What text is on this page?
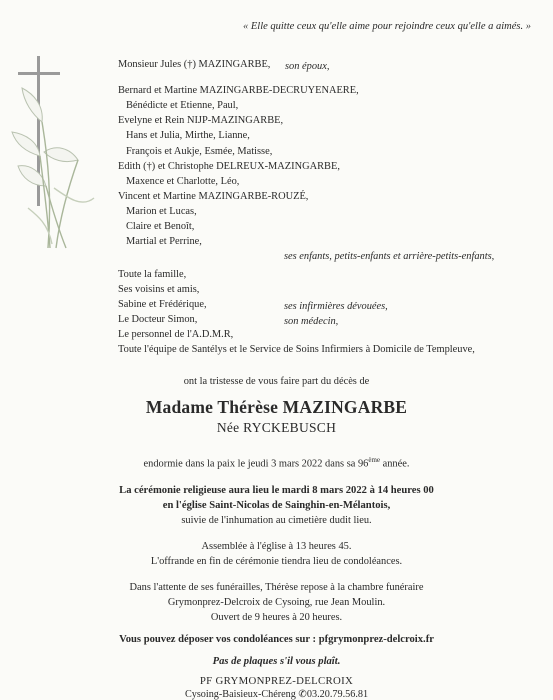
« Elle quitte ceux qu'elle aime pour rejoindre ceux qu'elle a aimés. »
Monsieur Jules (†) MAZINGARBE, son époux,
Bernard et Martine MAZINGARBE-DECRUYENAERE,
Bénédicte et Etienne, Paul,
Evelyne et Rein NIJP-MAZINGARBE,
Hans et Julia, Mirthe, Lianne,
François et Aukje, Esmée, Matisse,
Edith (†) et Christophe DELREUX-MAZINGARBE,
Maxence et Charlotte, Léo,
Vincent et Martine MAZINGARBE-ROUZÉ,
Marion et Lucas,
Claire et Benoît,
Martial et Perrine,
ses enfants, petits-enfants et arrière-petits-enfants,
Toute la famille,
Ses voisins et amis,
Sabine et Frédérique,	ses infirmières dévouées,
Le Docteur Simon,	son médecin,
Le personnel de l'A.D.M.R,
Toute l'équipe de Santélys et le Service de Soins Infirmiers à Domicile de Templeuve,
ont la tristesse de vous faire part du décès de
Madame Thérèse MAZINGARBE
Née RYCKEBUSCH
endormie dans la paix le jeudi 3 mars 2022 dans sa 96ème année.
La cérémonie religieuse aura lieu le mardi 8 mars 2022 à 14 heures 00
en l'église Saint-Nicolas de Sainghin-en-Mélantois,
suivie de l'inhumation au cimetière dudit lieu.
Assemblée à l'église à 13 heures 45.
L'offrande en fin de cérémonie tiendra lieu de condoléances.
Dans l'attente de ses funérailles, Thérèse repose à la chambre funéraire
Grymonprez-Delcroix de Cysoing, rue Jean Moulin.
Ouvert de 9 heures à 20 heures.
Vous pouvez déposer vos condoléances sur : pfgrymonprez-delcroix.fr
Pas de plaques s'il vous plaît.
PF GRYMONPREZ-DELCROIX
Cysoing-Baisieux-Chéreng ✆03.20.79.56.81
